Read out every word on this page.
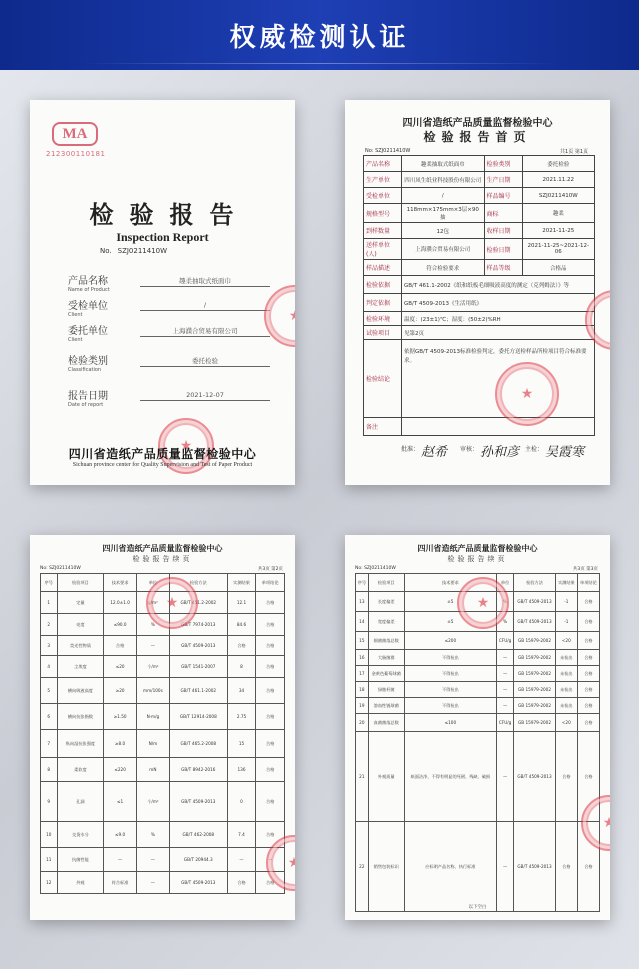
权威检测认证
MA
212300110181
检验报告
Inspection Report
No. SZJ0211410W
产品名称
Name of Product
趣柔抽取式纸面巾
受检单位
Client
/
委托单位
Client
上海濮合贸易有限公司
检验类别
Classification
委托检验
报告日期
Date of report
2021-12-07
★
★
四川省造纸产品质量监督检验中心
Sichuan province center for Quality Supervision and Test of Paper Product
四川省造纸产品质量监督检验中心
检验报告首页
No: SZJ0211410W	共1页 第1页
产品名称	趣柔抽取式纸面巾	检验类别	委托检验
生产单位	四川凤生纸业科技股份有限公司	生产日期	2021.11.22
受检单位	/	样品编号	SZJ0211410W
规格型号	118mm×175mm×3层×90抽	商标	趣柔
到样数量	12包	收样日期	2021-11-25
送样单位(人)	上海濮合贸易有限公司	检验日期	2021-11-25~2021-12-06
样品描述	符合检验要求	样品等级	合格品
检验依据	GB/T 461.1-2002《纸和纸板毛细吸液高度的测定（克列姆法）》等		
判定依据	GB/T 4509-2013《生活用纸》		
检验环境	温度：(23±1)℃；湿度：(50±2)%RH		
试验项目	见第2页		
检验结论	依据GB/T 4509-2013标准检验判定，委托方送检样品所检项目符合标准要求。		
备注			
★
★
批准： 赵希 审核： 孙和彦 主检： 吴霞寒
四川省造纸产品质量监督检验中心
检验报告续页
No: SZJ0211410W	共3页 第2页
序号	检验项目	技术要求	单位	检验方法	实测结果	单项结论
1	定量	12.0±1.0	g/m²	GB/T 451.2-2002	12.1	合格
2	亮度	≤90.0	%	GB/T 7974-2013	84.6	合格
3	荧光性物质	合格	—	GB/T 4509-2013	合格	合格
4	尘埃度	≤20	个/m²	GB/T 1541-2007	8	合格
5	横向吸液高度	≥20	mm/100s	GB/T 461.1-2002	34	合格
6	横向抗张指数	≥1.50	N·m/g	GB/T 12914-2008	2.75	合格
7	纵向湿抗张强度	≥8.0	N/m	GB/T 465.2-2008	15	合格
8	柔软度	≤220	mN	GB/T 8942-2016	136	合格
9	孔洞	≤1	个/m²	GB/T 4509-2013	0	合格
10	交货水分	≤9.0	%	GB/T 462-2008	7.4	合格
11	抗菌性能	—	—	GB/T 20944.3	—	—
12	外观	符合标准	—	GB/T 4509-2013	合格	合格
★
★
四川省造纸产品质量监督检验中心
检验报告续页
No: SZJ0211410W	共3页 第3页
序号	检验项目	技术要求	单位	检验方法	实测结果	单项结论
13	长度偏差	±5	%	GB/T 4509-2013	-1	合格
14	宽度偏差	±5	%	GB/T 4509-2013	-1	合格
15	细菌菌落总数	≤200	CFU/g	GB 15979-2002	<20	合格
16	大肠菌群	不得检出	—	GB 15979-2002	未检出	合格
17	金黄色葡萄球菌	不得检出	—	GB 15979-2002	未检出	合格
18	绿脓杆菌	不得检出	—	GB 15979-2002	未检出	合格
19	溶血性链球菌	不得检出	—	GB 15979-2002	未检出	合格
20	真菌菌落总数	≤100	CFU/g	GB 15979-2002	<20	合格
21	外观质量	纸面洁净，不得有明显的死褶、残缺、破损	—	GB/T 4509-2013	合格	合格
22	销售包装标识	应标明产品名称、执行标准	—	GB/T 4509-2013	合格	合格
★
★
以下空白
